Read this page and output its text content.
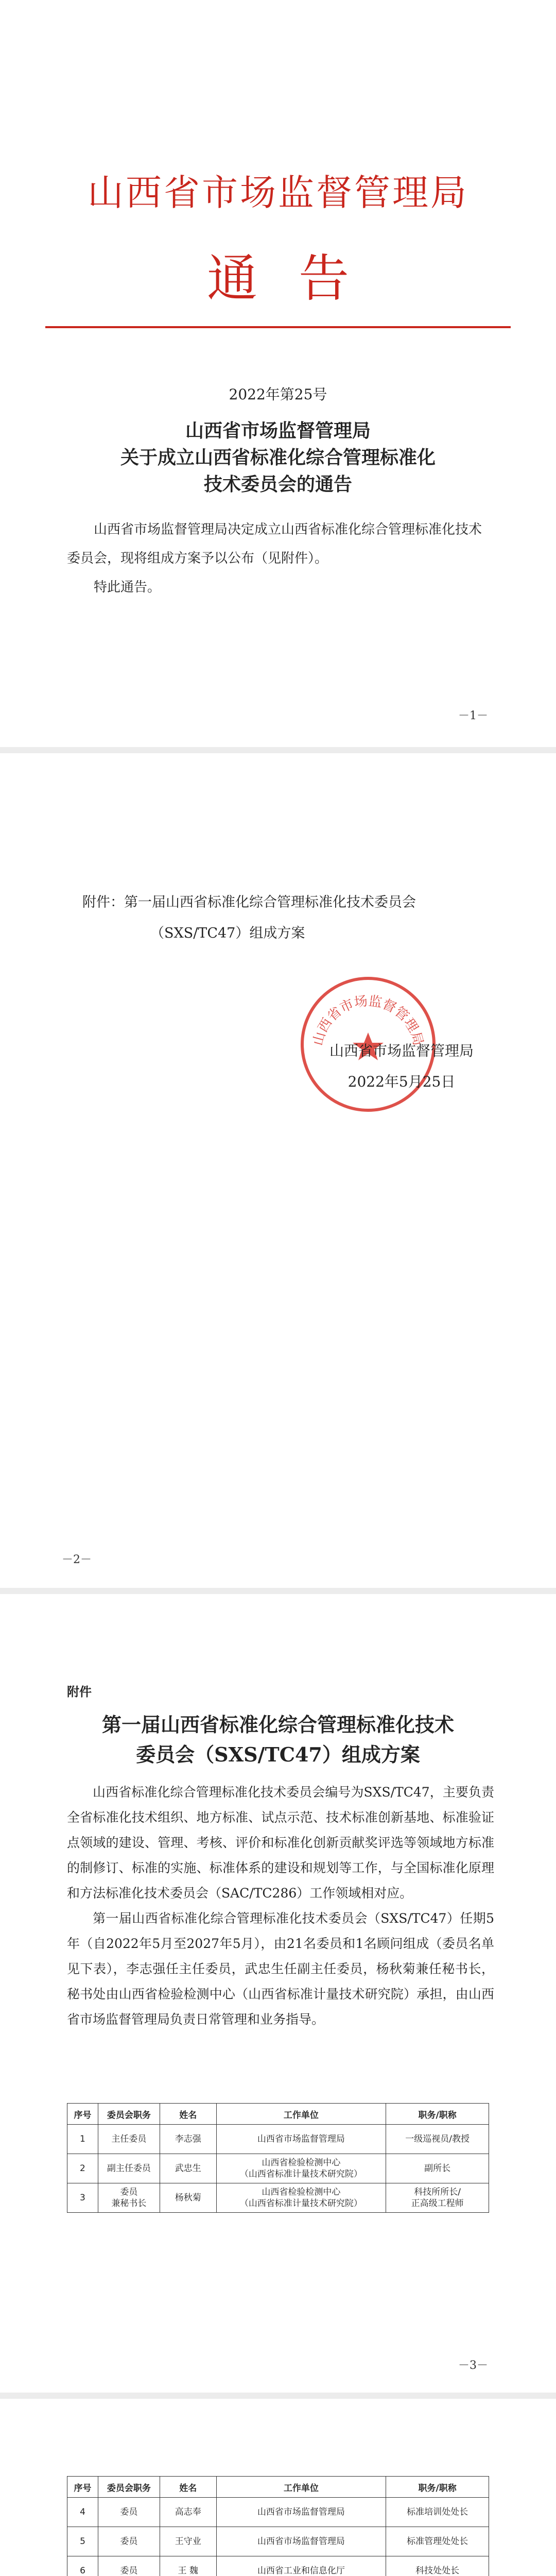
山西省市场监督管理局
通告
2022年第25号
山西省市场监督管理局
关于成立山西省标准化综合管理标准化
技术委员会的通告

山西省市场监督管理局决定成立山西省标准化综合管理标准化技术委员会，现将组成方案予以公布（见附件）。

特此通告。

－1－
附件：第一届山西省标准化综合管理标准化技术委员会
（SXS/TC47）组成方案
山西省市场监督管理局
山西省市场监督管理局
2022年5月25日
－2－
附件
第一届山西省标准化综合管理标准化技术
委员会（SXS/TC47）组成方案

山西省标准化综合管理标准化技术委员会编号为SXS/TC47，主要负责全省标准化技术组织、地方标准、试点示范、技术标准创新基地、标准验证点领域的建设、管理、考核、评价和标准化创新贡献奖评选等领域地方标准的制修订、标准的实施、标准体系的建设和规划等工作，与全国标准化原理和方法标准化技术委员会（SAC/TC286）工作领域相对应。

第一届山西省标准化综合管理标准化技术委员会（SXS/TC47）任期5年（自2022年5月至2027年5月），由21名委员和1名顾问组成（委员名单见下表），李志强任主任委员，武忠生任副主任委员，杨秋菊兼任秘书长，秘书处由山西省检验检测中心（山西省标准计量技术研究院）承担，由山西省市场监督管理局负责日常管理和业务指导。

序号	委员会职务	姓名	工作单位	职务/职称

1	主任委员	李志强	山西省市场监督管理局	一级巡视员/教授

2	副主任委员	武忠生	山西省检验检测中心
（山西省标准计量技术研究院）	副所长

3	委员
兼秘书长	杨秋菊	山西省检验检测中心
（山西省标准计量技术研究院）	科技所所长/
正高级工程师
－3－
序号	委员会职务	姓名	工作单位	职务/职称

4	委员	高志奉	山西省市场监督管理局	标准培训处处长

5	委员	王守业	山西省市场监督管理局	标准管理处处长

6	委员	王 魏	山西省工业和信息化厅	科技处处长
